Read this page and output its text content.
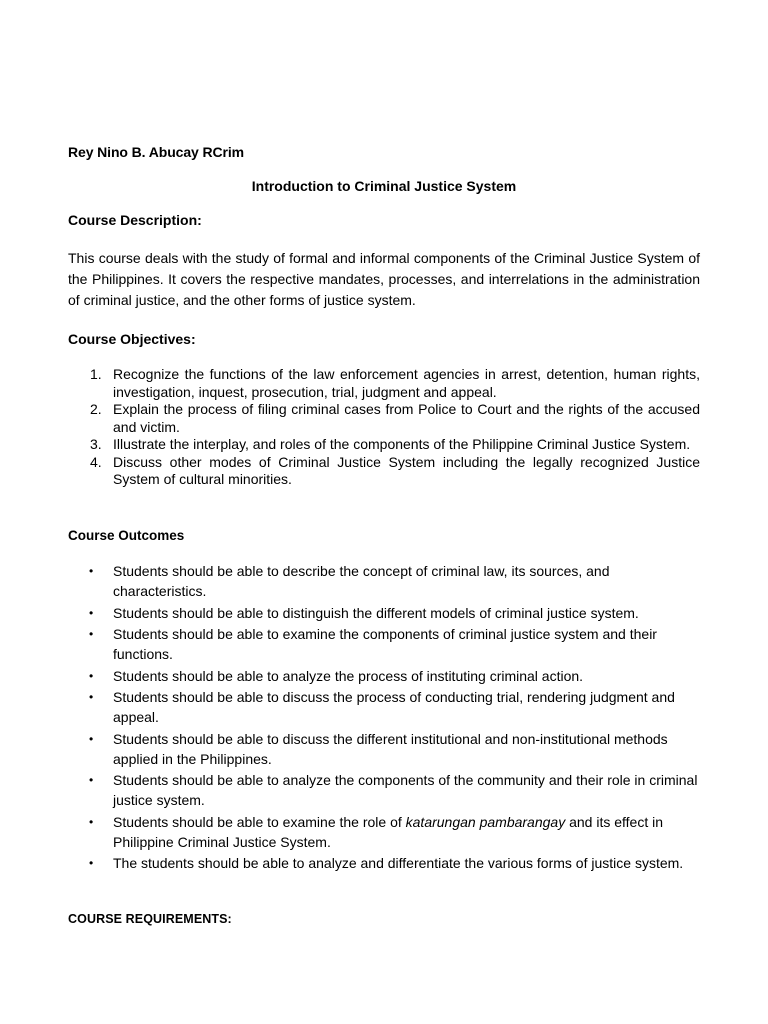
Rey Nino B. Abucay RCrim
Introduction to Criminal Justice System
Course Description:

This course deals with the study of formal and informal components of the Criminal Justice System of the Philippines. It covers the respective mandates, processes, and interrelations in the administration of criminal justice, and the other forms of justice system.

Course Objectives:
1. Recognize the functions of the law enforcement agencies in arrest, detention, human rights, investigation, inquest, prosecution, trial, judgment and appeal.
2. Explain the process of filing criminal cases from Police to Court and the rights of the accused and victim.
3. Illustrate the interplay, and roles of the components of the Philippine Criminal Justice System.
4. Discuss other modes of Criminal Justice System including the legally recognized Justice System of cultural minorities.
Course Outcomes
• Students should be able to describe the concept of criminal law, its sources, and characteristics.
• Students should be able to distinguish the different models of criminal justice system.
• Students should be able to examine the components of criminal justice system and their functions.
• Students should be able to analyze the process of instituting criminal action.
• Students should be able to discuss the process of conducting trial, rendering judgment and appeal.
• Students should be able to discuss the different institutional and non-institutional methods applied in the Philippines.
• Students should be able to analyze the components of the community and their role in criminal justice system.
• Students should be able to examine the role of katarungan pambarangay and its effect in Philippine Criminal Justice System.
• The students should be able to analyze and differentiate the various forms of justice system.
COURSE REQUIREMENTS:
